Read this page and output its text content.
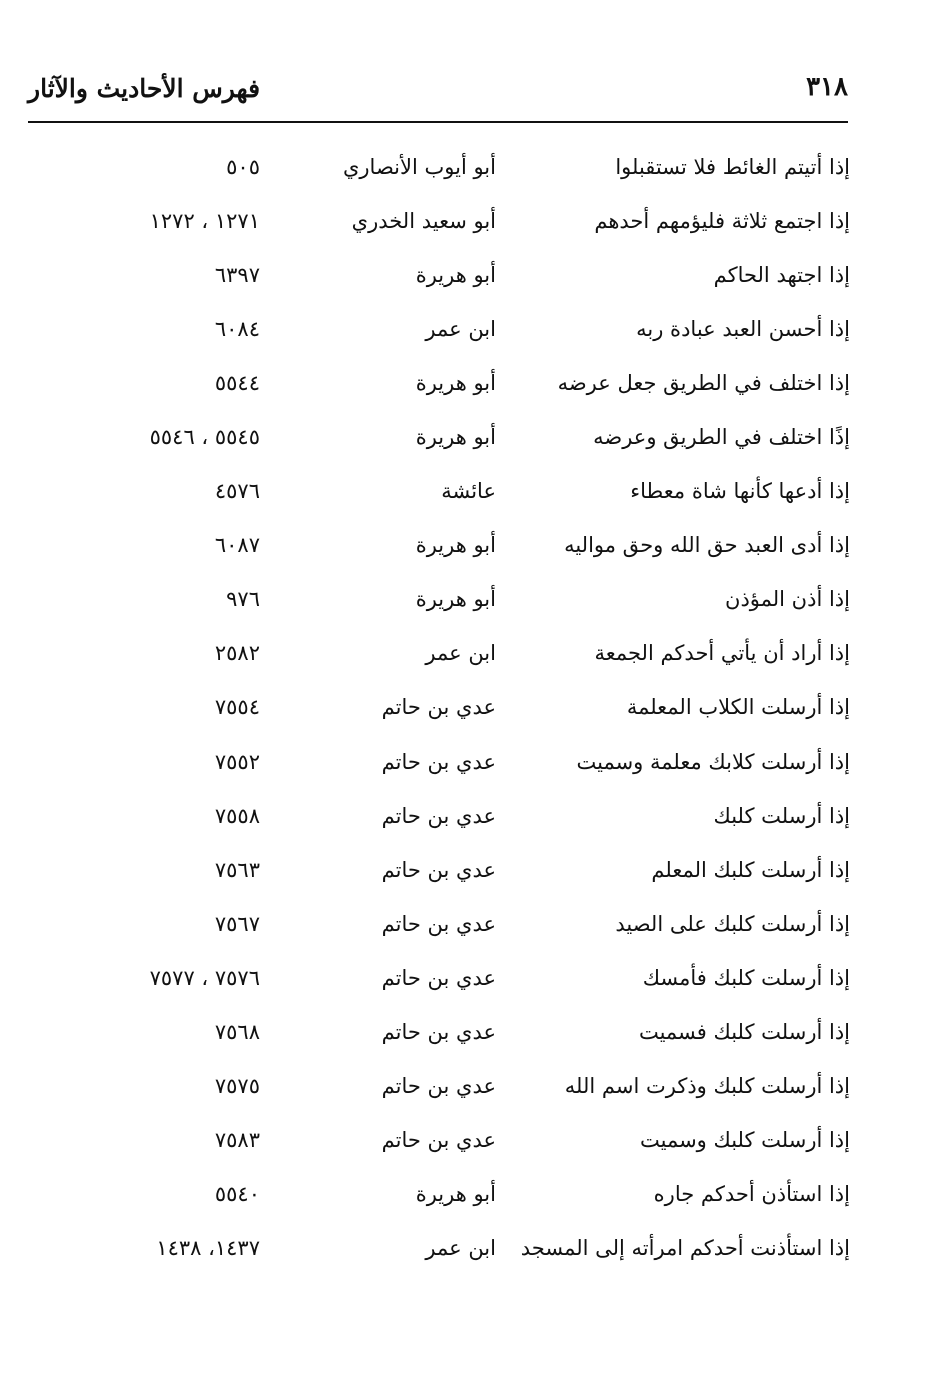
٣١٨
فهرس الأحاديث والآثار
إذا أتيتم الغائط فلا تستقبلوا
أبو أيوب الأنصاري
٥٠٥
إذا اجتمع ثلاثة فليؤمهم أحدهم
أبو سعيد الخدري
١٢٧١ ، ١٢٧٢
إذا اجتهد الحاكم
أبو هريرة
٦٣٩٧
إذا أحسن العبد عبادة ربه
ابن عمر
٦٠٨٤
إذا اختلف في الطريق جعل عرضه
أبو هريرة
٥٥٤٤
إذًا اختلف في الطريق وعرضه
أبو هريرة
٥٥٤٥ ، ٥٥٤٦
إذا أدعها كأنها شاة معطاء
عائشة
٤٥٧٦
إذا أدى العبد حق الله وحق مواليه
أبو هريرة
٦٠٨٧
إذا أذن المؤذن
أبو هريرة
٩٧٦
إذا أراد أن يأتي أحدكم الجمعة
ابن عمر
٢٥٨٢
إذا أرسلت الكلاب المعلمة
عدي بن حاتم
٧٥٥٤
إذا أرسلت كلابك معلمة وسميت
عدي بن حاتم
٧٥٥٢
إذا أرسلت كلبك
عدي بن حاتم
٧٥٥٨
إذا أرسلت كلبك المعلم
عدي بن حاتم
٧٥٦٣
إذا أرسلت كلبك على الصيد
عدي بن حاتم
٧٥٦٧
إذا أرسلت كلبك فأمسك
عدي بن حاتم
٧٥٧٦ ، ٧٥٧٧
إذا أرسلت كلبك فسميت
عدي بن حاتم
٧٥٦٨
إذا أرسلت كلبك وذكرت اسم الله
عدي بن حاتم
٧٥٧٥
إذا أرسلت كلبك وسميت
عدي بن حاتم
٧٥٨٣
إذا استأذن أحدكم جاره
أبو هريرة
٥٥٤٠
إذا استأذنت أحدكم امرأته إلى المسجد
ابن عمر
١٤٣٧، ١٤٣٨
